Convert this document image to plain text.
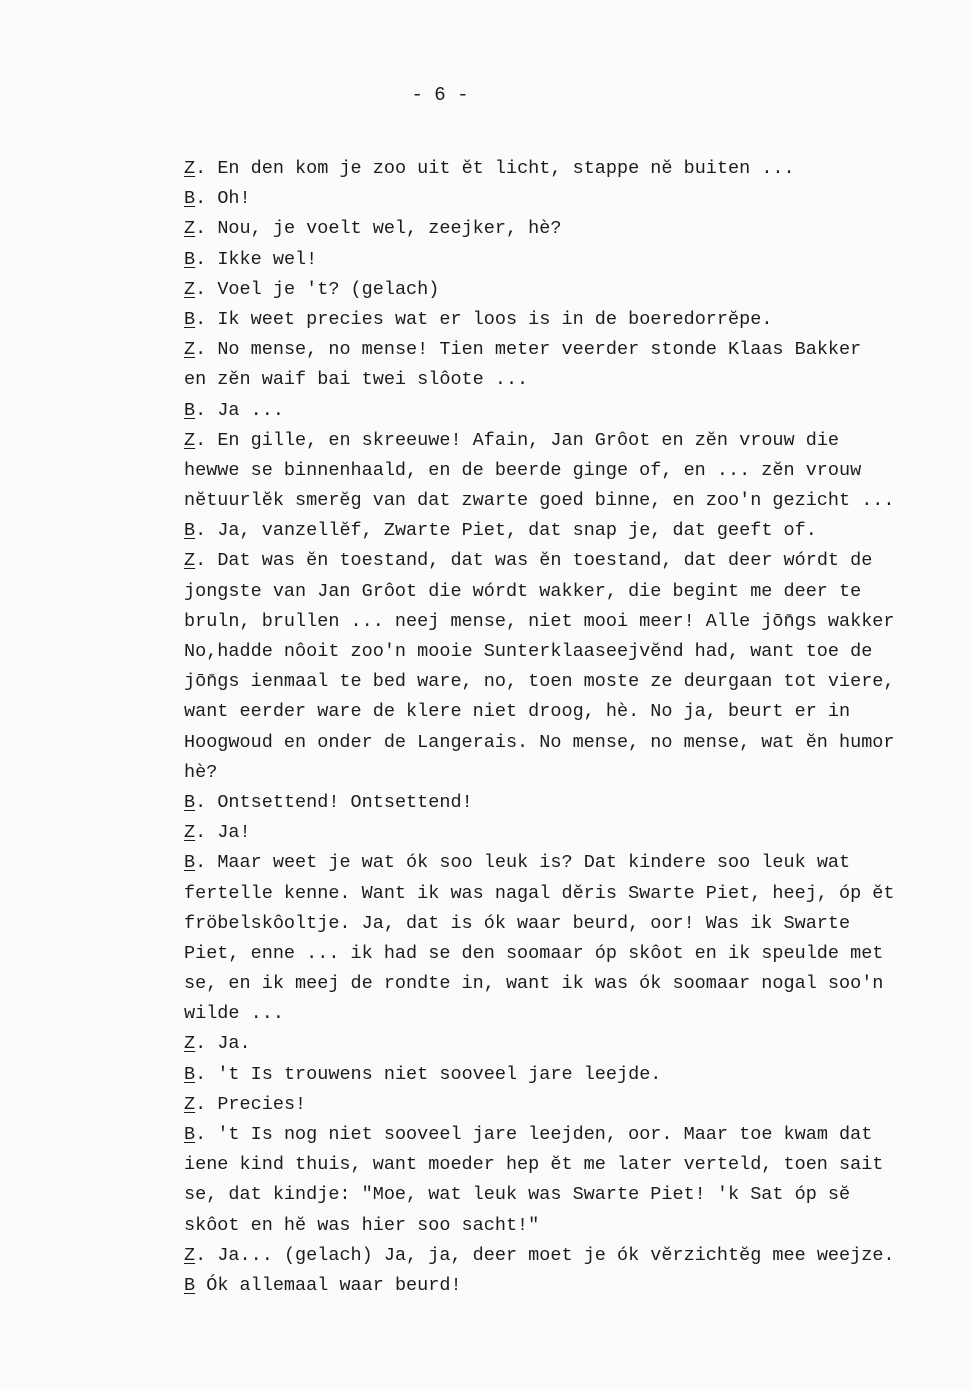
- 6 -
Z. En den kom je zoo uit ĕt licht, stappe nĕ buiten ...
B. Oh!
Z. Nou, je voelt wel, zeejker, hè?
B. Ikke wel!
Z. Voel je 't? (gelach)
B. Ik weet precies wat er loos is in de boeredorrĕpe.
Z. No mense, no mense! Tien meter veerder stonde Klaas Bakker
en zĕn waif bai twei slôote ...
B. Ja ...
Z. En gille, en skreeuwe! Afain, Jan Grôot en zĕn vrouw die
hewwe se binnenhaald, en de beerde ginge of, en ... zĕn vrouw
nĕtuurlĕk smerĕg van dat zwarte goed binne, en zoo'n gezicht ...
B. Ja, vanzellĕf, Zwarte Piet, dat snap je, dat geeft of.
Z. Dat was ĕn toestand, dat was ĕn toestand, dat deer wórdt de
jongste van Jan Grôot die wórdt wakker, die begint me deer te
bruln, brullen ... neej mense, niet mooi meer! Alle jōn̄gs wakker
No,hadde nôoit zoo'n mooie Sunterklaaseejvĕnd had, want toe de
jōn̄gs ienmaal te bed ware, no, toen moste ze deurgaan tot viere,
want eerder ware de klere niet droog, hè. No ja, beurt er in
Hoogwoud en onder de Langerais. No mense, no mense, wat ĕn humor
hè?
B. Ontsettend! Ontsettend!
Z. Ja!
B. Maar weet je wat ók soo leuk is? Dat kindere soo leuk wat
fertelle kenne. Want ik was nagal dĕris Swarte Piet, heej, óp ĕt
fröbelskôoltje. Ja, dat is ók waar beurd, oor! Was ik Swarte
Piet, enne ... ik had se den soomaar óp skôot en ik speulde met
se, en ik meej de rondte in, want ik was ók soomaar nogal soo'n
wilde ...
Z. Ja.
B. 't Is trouwens niet sooveel jare leejde.
Z. Precies!
B. 't Is nog niet sooveel jare leejden, oor. Maar toe kwam dat
iene kind thuis, want moeder hep ĕt me later verteld, toen sait
se, dat kindje: "Moe, wat leuk was Swarte Piet! 'k Sat óp sĕ
skôot en hĕ was hier soo sacht!"
Z. Ja... (gelach) Ja, ja, deer moet je ók vĕrzichtĕg mee weejze.
B Ók allemaal waar beurd!
